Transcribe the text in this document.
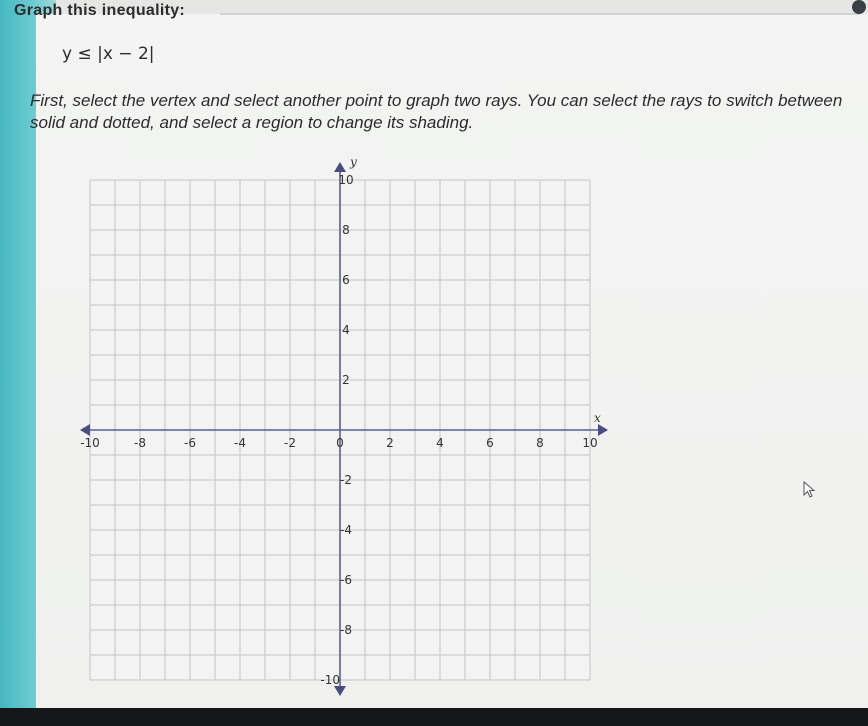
Graph this inequality:
y ≤ |x − 2|
First, select the vertex and select another point to graph two rays. You can select the rays to switch between solid and dotted, and select a region to change its shading.
-10	-8	-6	-4	-2	0	2	4	6	8	10
10
8
6
4
2
-2
-4
-6
-8
-10
x
y
